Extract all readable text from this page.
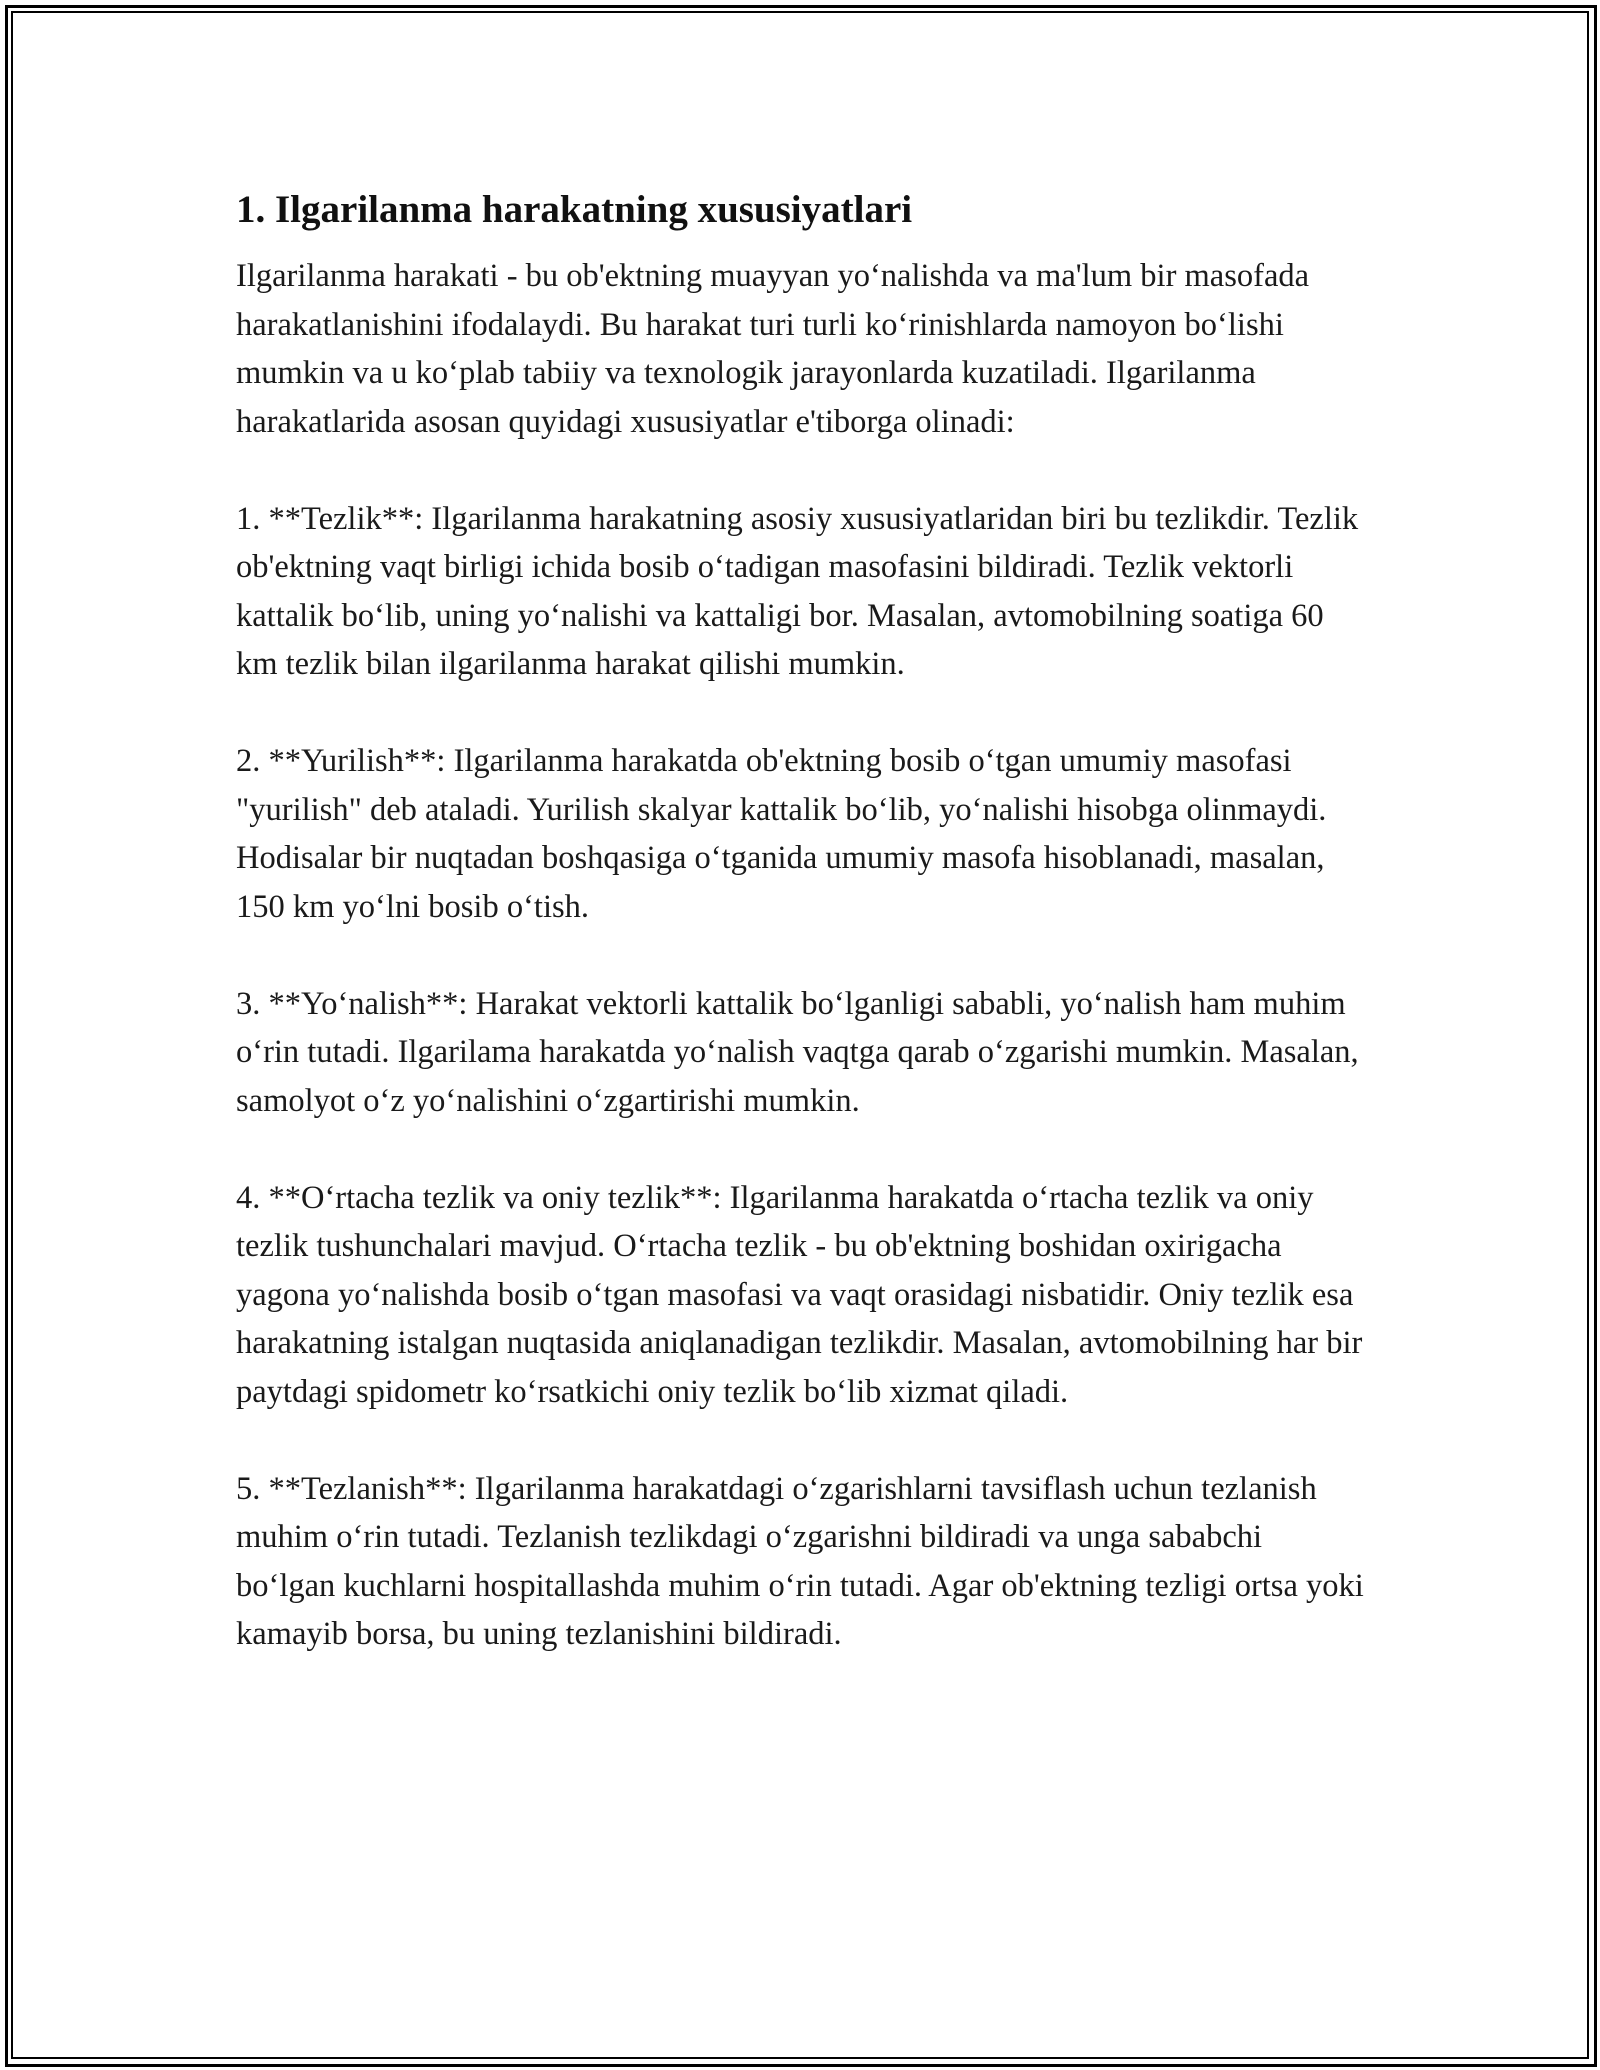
1. Ilgarilanma harakatning xususiyatlari

Ilgarilanma harakati - bu ob'ektning muayyan yo‘nalishda va ma'lum bir masofada harakatlanishini ifodalaydi. Bu harakat turi turli ko‘rinishlarda namoyon bo‘lishi mumkin va u ko‘plab tabiiy va texnologik jarayonlarda kuzatiladi. Ilgarilanma harakatlarida asosan quyidagi xususiyatlar e'tiborga olinadi:

1. **Tezlik**: Ilgarilanma harakatning asosiy xususiyatlaridan biri bu tezlikdir. Tezlik ob'ektning vaqt birligi ichida bosib o‘tadigan masofasini bildiradi. Tezlik vektorli kattalik bo‘lib, uning yo‘nalishi va kattaligi bor. Masalan, avtomobilning soatiga 60 km tezlik bilan ilgarilanma harakat qilishi mumkin.

2. **Yurilish**: Ilgarilanma harakatda ob'ektning bosib o‘tgan umumiy masofasi "yurilish" deb ataladi. Yurilish skalyar kattalik bo‘lib, yo‘nalishi hisobga olinmaydi. Hodisalar bir nuqtadan boshqasiga o‘tganida umumiy masofa hisoblanadi, masalan, 150 km yo‘lni bosib o‘tish.

3. **Yo‘nalish**: Harakat vektorli kattalik bo‘lganligi sababli, yo‘nalish ham muhim o‘rin tutadi. Ilgarilama harakatda yo‘nalish vaqtga qarab o‘zgarishi mumkin. Masalan, samolyot o‘z yo‘nalishini o‘zgartirishi mumkin.

4. **O‘rtacha tezlik va oniy tezlik**: Ilgarilanma harakatda o‘rtacha tezlik va oniy tezlik tushunchalari mavjud. O‘rtacha tezlik - bu ob'ektning boshidan oxirigacha yagona yo‘nalishda bosib o‘tgan masofasi va vaqt orasidagi nisbatidir. Oniy tezlik esa harakatning istalgan nuqtasida aniqlanadigan tezlikdir. Masalan, avtomobilning har bir paytdagi spidometr ko‘rsatkichi oniy tezlik bo‘lib xizmat qiladi.

5. **Tezlanish**: Ilgarilanma harakatdagi o‘zgarishlarni tavsiflash uchun tezlanish muhim o‘rin tutadi. Tezlanish tezlikdagi o‘zgarishni bildiradi va unga sababchi bo‘lgan kuchlarni hospitallashda muhim o‘rin tutadi. Agar ob'ektning tezligi ortsa yoki kamayib borsa, bu uning tezlanishini bildiradi.
